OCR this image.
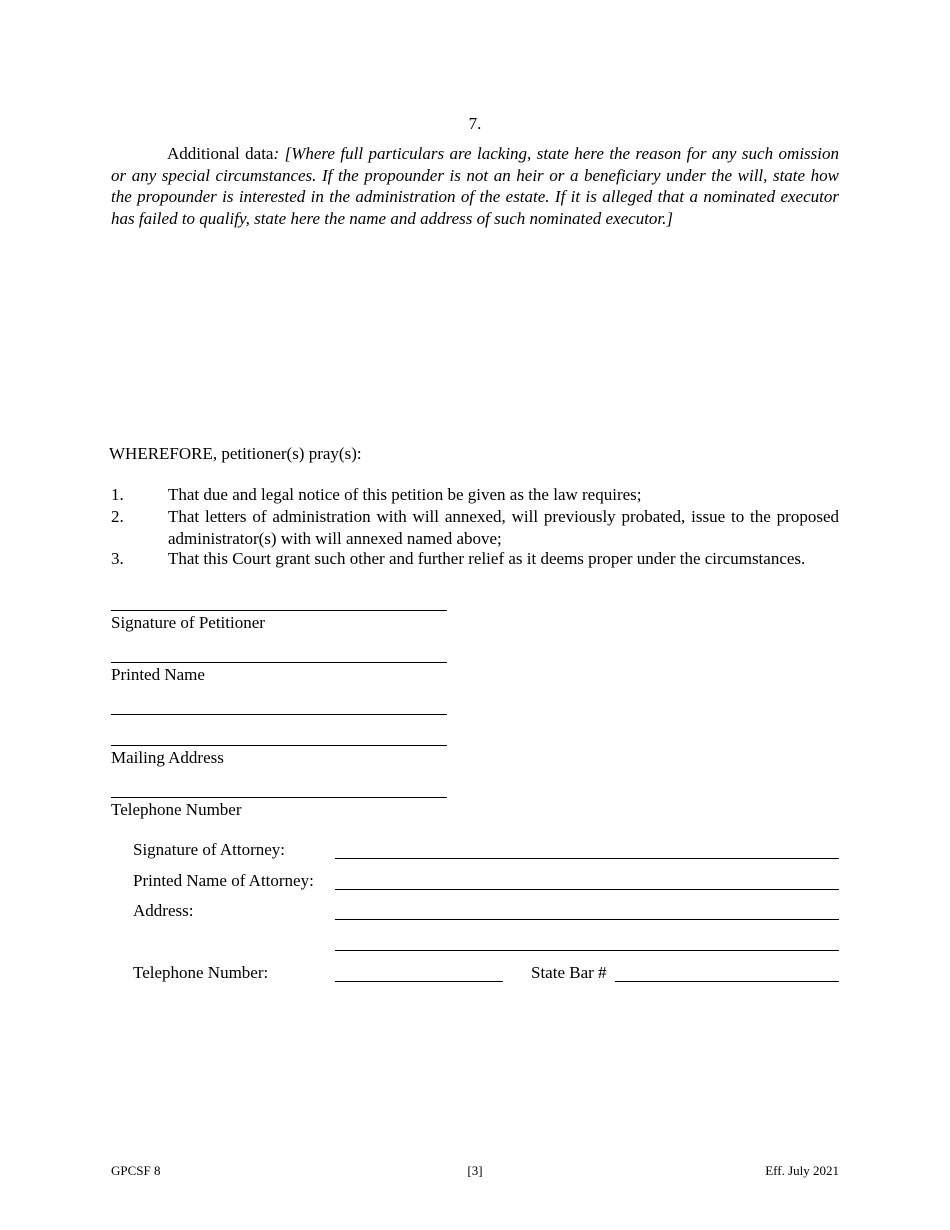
7.
Additional data: [Where full particulars are lacking, state here the reason for any such omission or any special circumstances. If the propounder is not an heir or a beneficiary under the will, state how the propounder is interested in the administration of the estate. If it is alleged that a nominated executor has failed to qualify, state here the name and address of such nominated executor.]
WHEREFORE, petitioner(s) pray(s):
1.	That due and legal notice of this petition be given as the law requires;
2.	That letters of administration with will annexed, will previously probated, issue to the proposed administrator(s) with will annexed named above;
3.	That this Court grant such other and further relief as it deems proper under the circumstances.
Signature of Petitioner
Printed Name
Mailing Address
Telephone Number
Signature of Attorney:
Printed Name of Attorney:
Address:
Telephone Number:	State Bar #
GPCSF 8	[3]	Eff. July 2021
